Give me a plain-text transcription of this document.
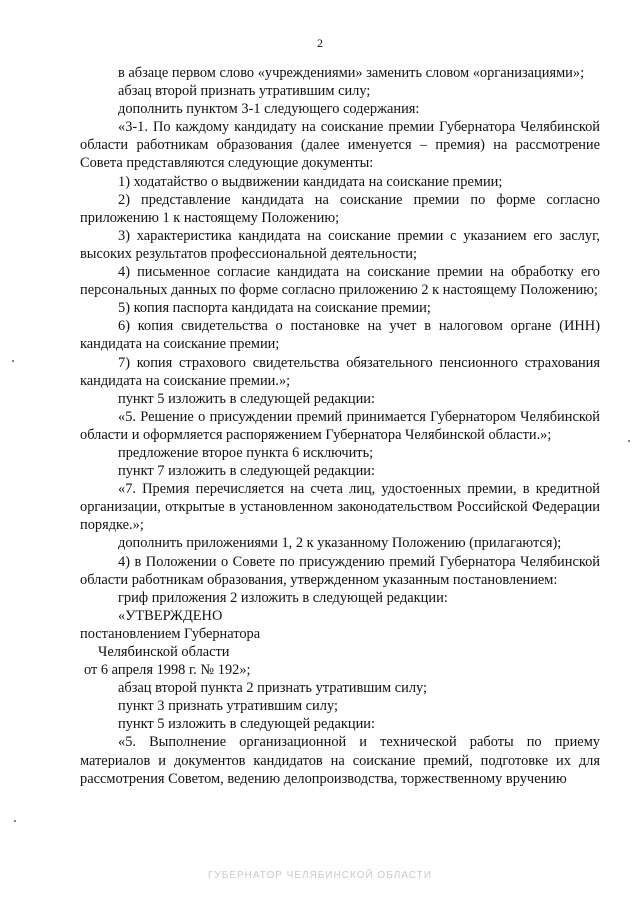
2

в абзаце первом слово «учреждениями» заменить словом «организациями»;

абзац второй признать утратившим силу;

дополнить пунктом 3-1 следующего содержания:

«3-1. По каждому кандидату на соискание премии Губернатора Челябинской области работникам образования (далее именуется – премия) на рассмотрение Совета представляются следующие документы:

1) ходатайство о выдвижении кандидата на соискание премии;

2) представление кандидата на соискание премии по форме согласно приложению 1 к настоящему Положению;

3) характеристика кандидата на соискание премии с указанием его заслуг, высоких результатов профессиональной деятельности;

4) письменное согласие кандидата на соискание премии на обработку его персональных данных по форме согласно приложению 2 к настоящему Положению;

5) копия паспорта кандидата на соискание премии;

6) копия свидетельства о постановке на учет в налоговом органе (ИНН) кандидата на соискание премии;

7) копия страхового свидетельства обязательного пенсионного страхования кандидата на соискание премии.»;

пункт 5 изложить в следующей редакции:

«5. Решение о присуждении премий принимается Губернатором Челябинской области и оформляется распоряжением Губернатора Челябинской области.»;

предложение второе пункта 6 исключить;

пункт 7 изложить в следующей редакции:

«7. Премия перечисляется на счета лиц, удостоенных премии, в кредитной организации, открытые в установленном законодательством Российской Федерации порядке.»;

дополнить приложениями 1, 2 к указанному Положению (прилагаются);

4) в Положении о Совете по присуждению премий Губернатора Челябинской области работникам образования, утвержденном указанным постановлением:

гриф приложения 2 изложить в следующей редакции:

«УТВЕРЖДЕНО

постановлением Губернатора

Челябинской области

от 6 апреля 1998 г. № 192»;

абзац второй пункта 2 признать утратившим силу;

пункт 3 признать утратившим силу;

пункт 5 изложить в следующей редакции:

«5. Выполнение организационной и технической работы по приему материалов и документов кандидатов на соискание премий, подготовке их для рассмотрения Советом, ведению делопроизводства, торжественному вручению

ГУБЕРНАТОР ЧЕЛЯБИНСКОЙ ОБЛАСТИ
